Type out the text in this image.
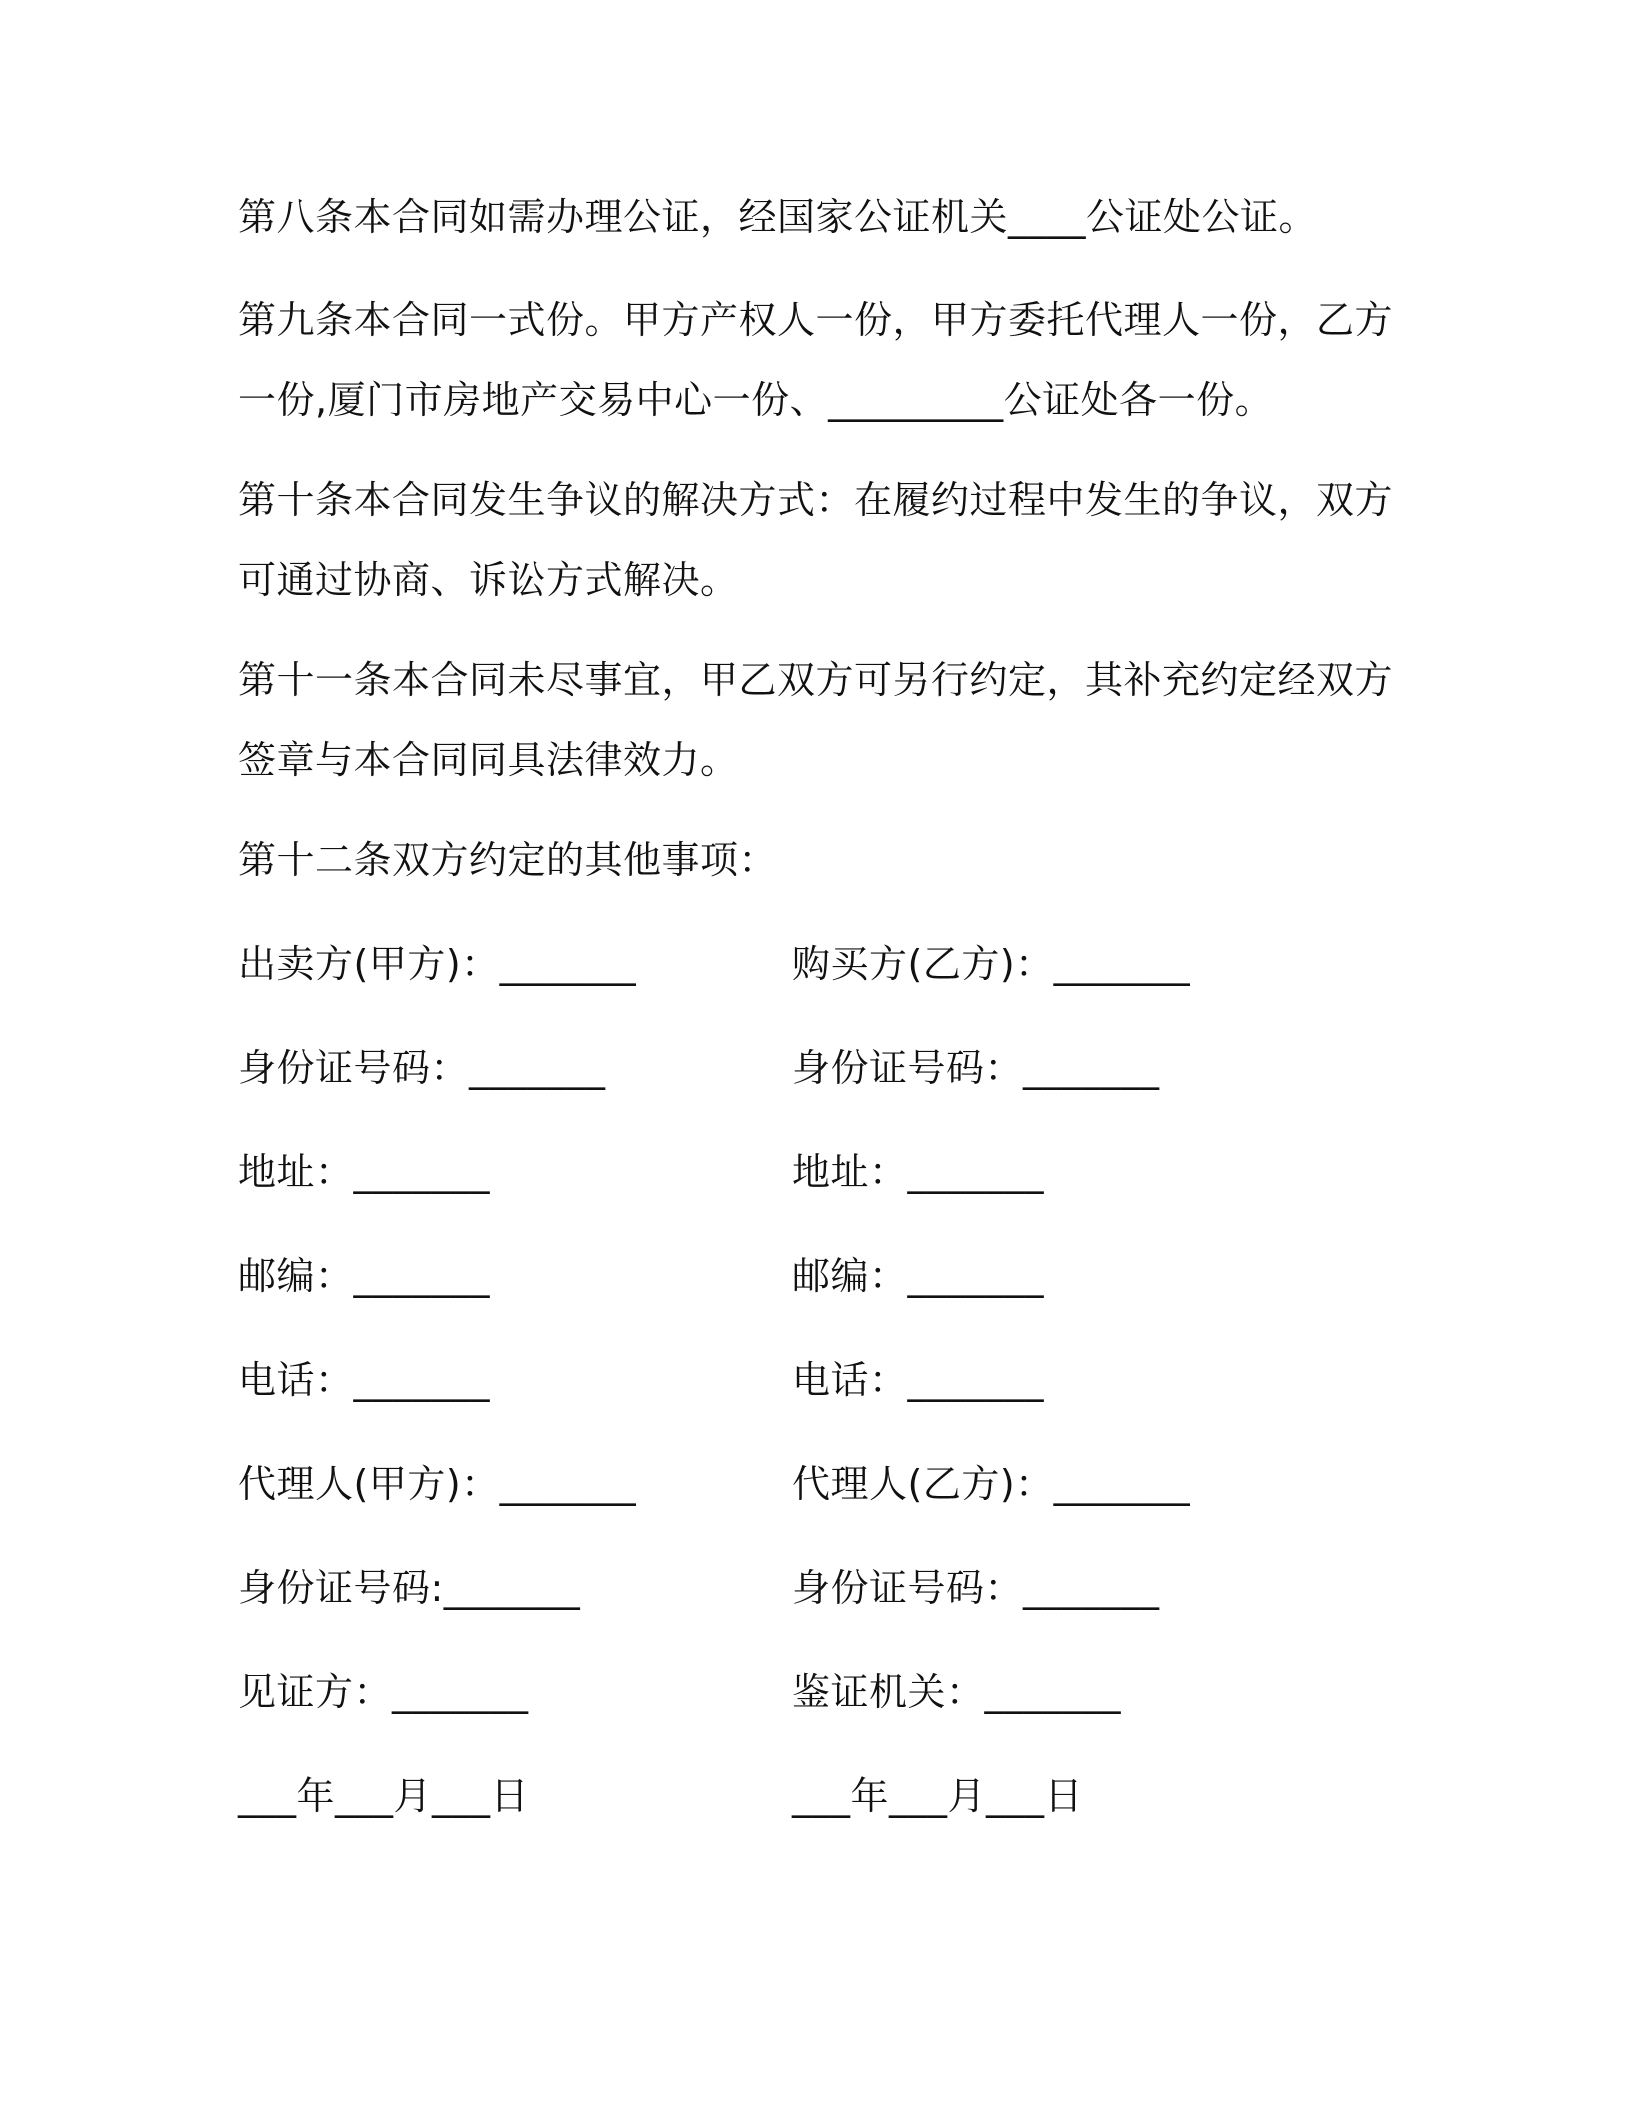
第八条本合同如需办理公证，经国家公证机关____公证处公证。
第九条本合同一式份。甲方产权人一份，甲方委托代理人一份，乙方
一份,厦门市房地产交易中心一份、_________公证处各一份。
第十条本合同发生争议的解决方式：在履约过程中发生的争议，双方
可通过协商、诉讼方式解决。
第十一条本合同未尽事宜，甲乙双方可另行约定，其补充约定经双方
签章与本合同同具法律效力。
第十二条双方约定的其他事项：
出卖方(甲方)：_______
身份证号码：_______
地址：_______
邮编：_______
电话：_______
代理人(甲方)：_______
身份证号码:_______
见证方：_______
___年___月___日
购买方(乙方)：_______
身份证号码：_______
地址：_______
邮编：_______
电话：_______
代理人(乙方)：_______
身份证号码：_______
鉴证机关：_______
___年___月___日
